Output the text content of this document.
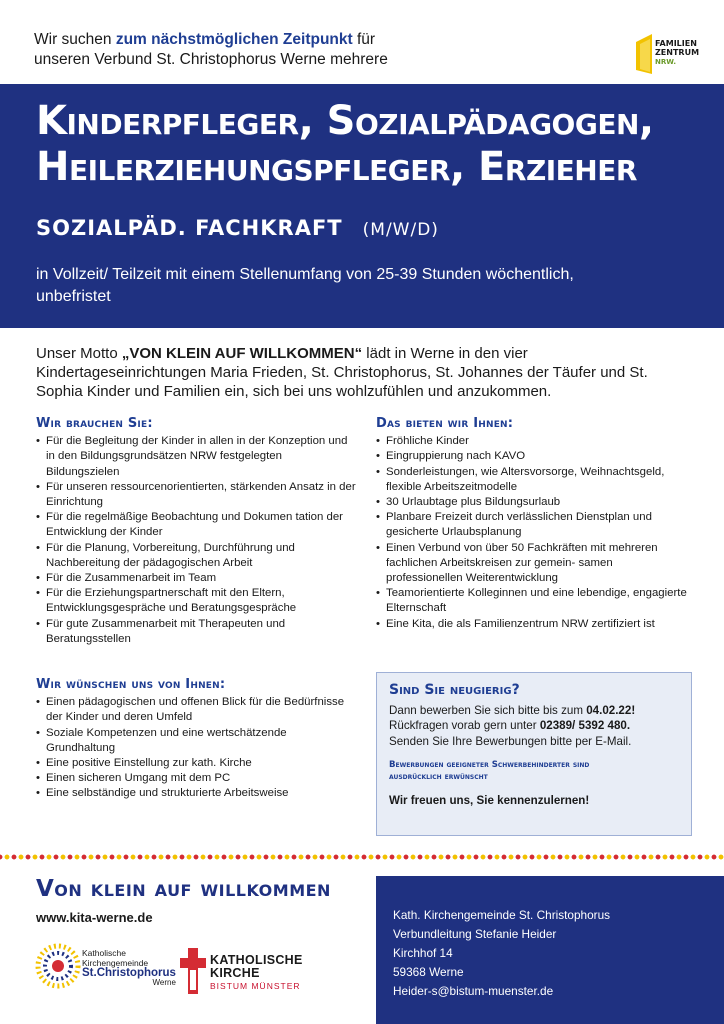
Wir suchen zum nächstmöglichen Zeitpunkt für
unseren Verbund St. Christophorus Werne mehrere
FAMILIEN
ZENTRUM
NRW.
Kinderpfleger, Sozialpädagogen,
Heilerziehungspfleger, Erzieher
SOZIALPÄD. FACHKRAFT (M/W/D)
in Vollzeit/ Teilzeit mit einem Stellenumfang von 25-39 Stunden wöchentlich,
unbefristet
Unser Motto „VON KLEIN AUF WILLKOMMEN“ lädt in Werne in den vier Kindertageseinrichtungen Maria Frieden, St. Christophorus, St. Johannes der Täufer und St. Sophia Kinder und Familien ein, sich bei uns wohlzufühlen und anzukommen.
Wir brauchen Sie:
• Für die Begleitung der Kinder in allen in der Konzeption und in den Bildungsgrundsätzen NRW festgelegten Bildungszielen
• Für unseren ressourcenorientierten, stärkenden Ansatz in der Einrichtung
• Für die regelmäßige Beobachtung und Dokumen tation der Entwicklung der Kinder
• Für die Planung, Vorbereitung, Durchführung und Nachbereitung der pädagogischen Arbeit
• Für die Zusammenarbeit im Team
• Für die Erziehungspartnerschaft mit den Eltern, Entwicklungsgespräche und Beratungsgespräche
• Für gute Zusammenarbeit mit Therapeuten und Beratungsstellen
Wir wünschen uns von Ihnen:
• Einen pädagogischen und offenen Blick für die Bedürfnisse der Kinder und deren Umfeld
• Soziale Kompetenzen und eine wertschätzende Grundhaltung
• Eine positive Einstellung zur kath. Kirche
• Einen sicheren Umgang mit dem PC
• Eine selbständige und strukturierte Arbeitsweise
Das bieten wir Ihnen:
• Fröhliche Kinder
• Eingruppierung nach KAVO
• Sonderleistungen, wie Altersvorsorge, Weihnachtsgeld, flexible Arbeitszeitmodelle
• 30 Urlaubtage plus Bildungsurlaub
• Planbare Freizeit durch verlässlichen Dienstplan und gesicherte Urlaubsplanung
• Einen Verbund von über 50 Fachkräften mit mehreren fachlichen Arbeitskreisen zur gemein- samen professionellen Weiterentwicklung
• Teamorientierte Kolleginnen und eine lebendige, engagierte Elternschaft
• Eine Kita, die als Familienzentrum NRW zertifiziert ist
Sind Sie neugierig?
Dann bewerben Sie sich bitte bis zum 04.02.22!
Rückfragen vorab gern unter 02389/ 5392 480.
Senden Sie Ihre Bewerbungen bitte per E-Mail.
Bewerbungen geeigneter Schwerbehinderter sind
ausdrücklich erwünscht
Wir freuen uns, Sie kennenzulernen!
Von klein auf willkommen
www.kita-werne.de
Katholische
Kirchengemeinde
St.Christophorus
Werne
KATHOLISCHE
KIRCHE
BISTUM MÜNSTER
Kath. Kirchengemeinde St. Christophorus
Verbundleitung Stefanie Heider
Kirchhof 14
59368 Werne
Heider-s@bistum-muenster.de
